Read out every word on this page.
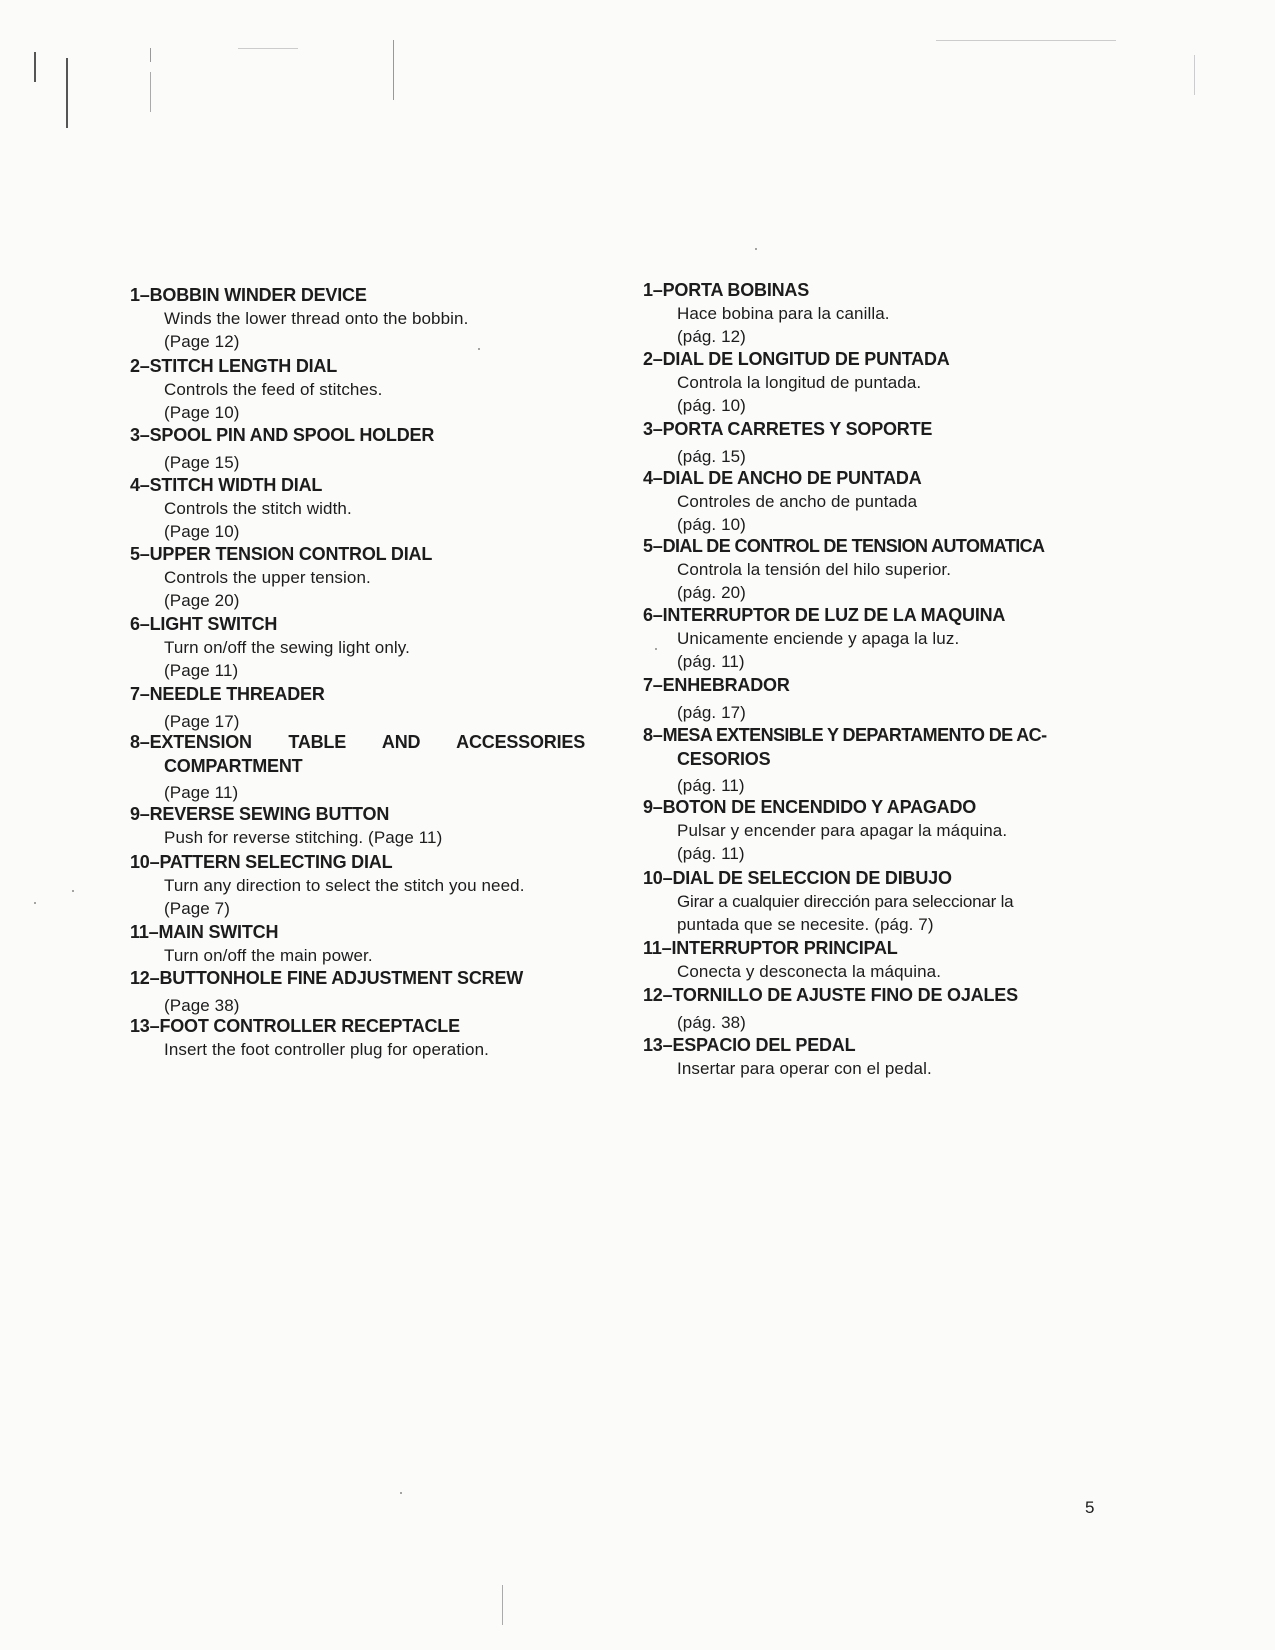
1– BOBBIN WINDER DEVICE
Winds the lower thread onto the bobbin.
(Page 12)
2– STITCH LENGTH DIAL
Controls the feed of stitches.
(Page 10)
3– SPOOL PIN AND SPOOL HOLDER
(Page 15)
4– STITCH WIDTH DIAL
Controls the stitch width.
(Page 10)
5– UPPER TENSION CONTROL DIAL
Controls the upper tension.
(Page 20)
6– LIGHT SWITCH
Turn on/off the sewing light only.
(Page 11)
7– NEEDLE THREADER
(Page 17)
8– EXTENSION TABLE AND ACCESSORIES
COMPARTMENT
(Page 11)
9– REVERSE SEWING BUTTON
Push for reverse stitching. (Page 11)
10– PATTERN SELECTING DIAL
Turn any direction to select the stitch you need.
(Page 7)
11– MAIN SWITCH
Turn on/off the main power.
12– BUTTONHOLE FINE ADJUSTMENT SCREW
(Page 38)
13– FOOT CONTROLLER RECEPTACLE
Insert the foot controller plug for operation.
1– PORTA BOBINAS
Hace bobina para la canilla.
(pág. 12)
2– DIAL DE LONGITUD DE PUNTADA
Controla la longitud de puntada.
(pág. 10)
3– PORTA CARRETES Y SOPORTE
(pág. 15)
4– DIAL DE ANCHO DE PUNTADA
Controles de ancho de puntada
(pág. 10)
5– DIAL DE CONTROL DE TENSION AUTOMATICA
Controla la tensión del hilo superior.
(pág. 20)
6– INTERRUPTOR DE LUZ DE LA MAQUINA
Unicamente enciende y apaga la luz.
(pág. 11)
7– ENHEBRADOR
(pág. 17)
8– MESA EXTENSIBLE Y DEPARTAMENTO DE AC-
CESORIOS
(pág. 11)
9– BOTON DE ENCENDIDO Y APAGADO
Pulsar y encender para apagar la máquina.
(pág. 11)
10– DIAL DE SELECCION DE DIBUJO
Girar a cualquier dirección para seleccionar la
puntada que se necesite. (pág. 7)
11– INTERRUPTOR PRINCIPAL
Conecta y desconecta la máquina.
12– TORNILLO DE AJUSTE FINO DE OJALES
(pág. 38)
13– ESPACIO DEL PEDAL
Insertar para operar con el pedal.
5
